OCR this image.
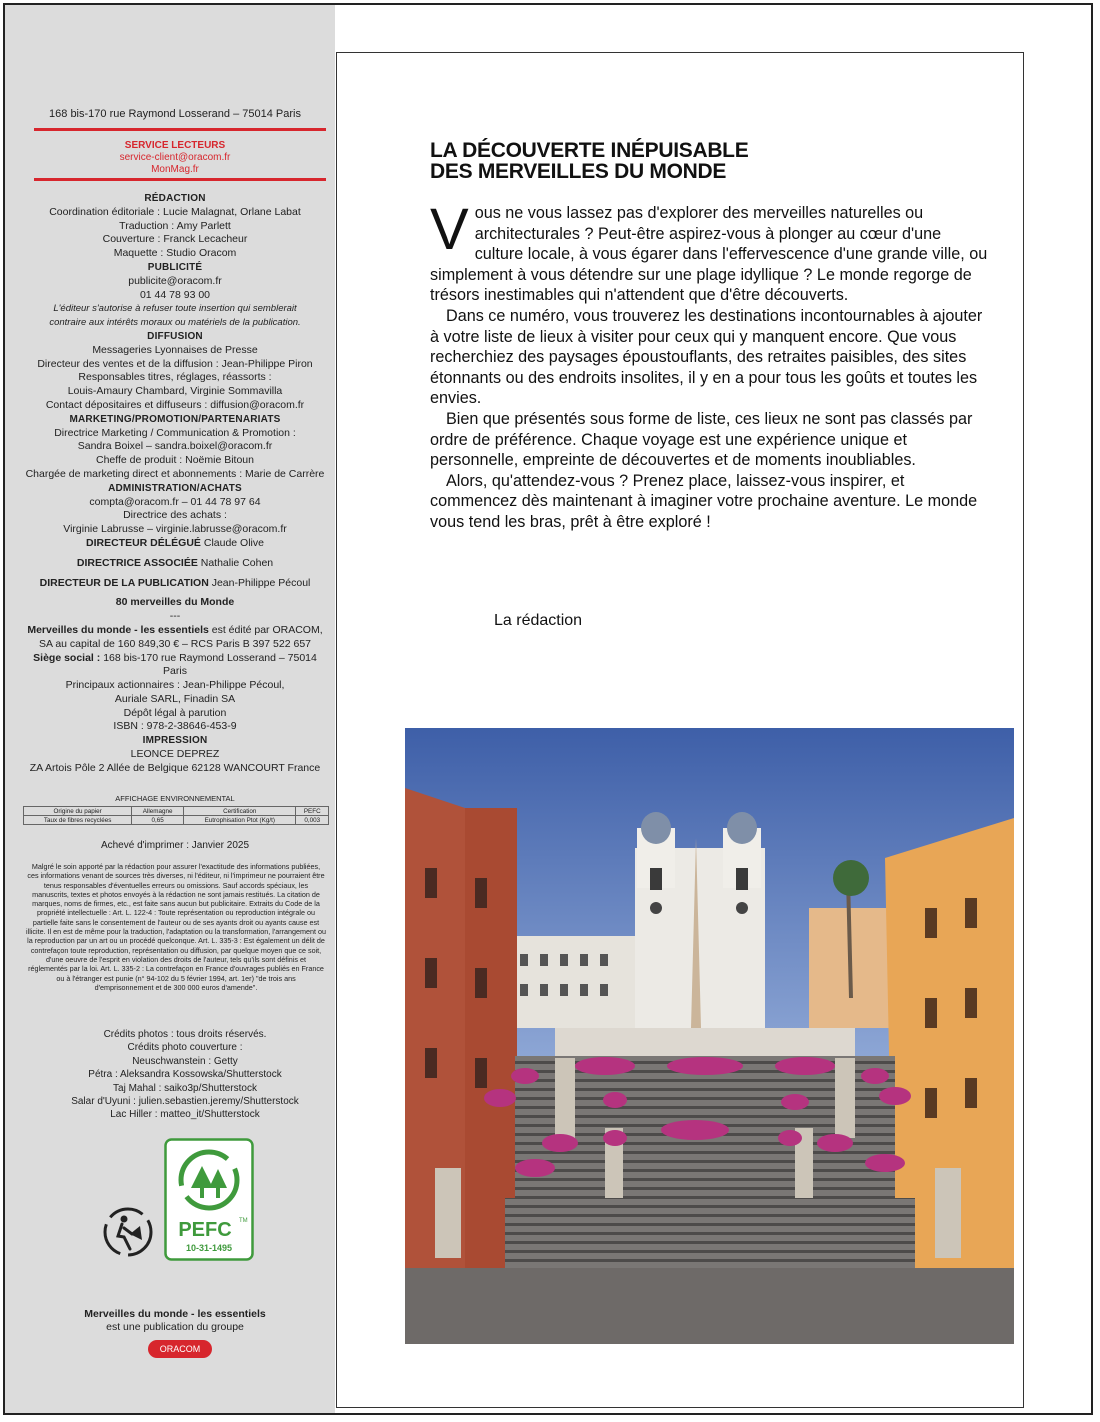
168 bis-170 rue Raymond Losserand – 75014 Paris
SERVICE LECTEURS
service-client@oracom.fr
MonMag.fr
RÉDACTION
Coordination éditoriale : Lucie Malagnat, Orlane Labat
Traduction : Amy Parlett
Couverture : Franck Lecacheur
Maquette : Studio Oracom
PUBLICITÉ
publicite@oracom.fr
01 44 78 93 00
L'éditeur s'autorise à refuser toute insertion qui semblerait
contraire aux intérêts moraux ou matériels de la publication.
DIFFUSION
Messageries Lyonnaises de Presse
Directeur des ventes et de la diffusion : Jean-Philippe Piron
Responsables titres, réglages, réassorts :
Louis-Amaury Chambard, Virginie Sommavilla
Contact dépositaires et diffuseurs : diffusion@oracom.fr
MARKETING/PROMOTION/PARTENARIATS
Directrice Marketing / Communication & Promotion :
Sandra Boixel – sandra.boixel@oracom.fr
Cheffe de produit : Noëmie Bitoun
Chargée de marketing direct et abonnements : Marie de Carrère
ADMINISTRATION/ACHATS
compta@oracom.fr – 01 44 78 97 64
Directrice des achats :
Virginie Labrusse – virginie.labrusse@oracom.fr
DIRECTEUR DÉLÉGUÉ Claude Olive
DIRECTRICE ASSOCIÉE Nathalie Cohen
DIRECTEUR DE LA PUBLICATION Jean-Philippe Pécoul
80 merveilles du Monde
---
Merveilles du monde - les essentiels est édité par ORACOM,
SA au capital de 160 849,30 € – RCS Paris B 397 522 657
Siège social : 168 bis-170 rue Raymond Losserand – 75014 Paris
Principaux actionnaires : Jean-Philippe Pécoul,
Auriale SARL, Finadin SA
Dépôt légal à parution
ISBN : 978-2-38646-453-9
IMPRESSION
LEONCE DEPREZ
ZA Artois Pôle 2 Allée de Belgique 62128 WANCOURT France
AFFICHAGE ENVIRONNEMENTAL
Origine du papier	Allemagne	Certification	PEFC
Taux de fibres recyclées	0,65	Eutrophisation Ptot (Kg/t)	0,003
Achevé d'imprimer : Janvier 2025
Malgré le soin apporté par la rédaction pour assurer l'exactitude des informations publiées, ces informations venant de sources très diverses, ni l'éditeur, ni l'imprimeur ne pourraient être tenus responsables d'éventuelles erreurs ou omissions. Sauf accords spéciaux, les manuscrits, textes et photos envoyés à la rédaction ne sont jamais restitués. La citation de marques, noms de firmes, etc., est faite sans aucun but publicitaire. Extraits du Code de la propriété intellectuelle : Art. L. 122-4 : Toute représentation ou reproduction intégrale ou partielle faite sans le consentement de l'auteur ou de ses ayants droit ou ayants cause est illicite. Il en est de même pour la traduction, l'adaptation ou la transformation, l'arrangement ou la reproduction par un art ou un procédé quelconque. Art. L. 335-3 : Est également un délit de contrefaçon toute reproduction, représentation ou diffusion, par quelque moyen que ce soit, d'une oeuvre de l'esprit en violation des droits de l'auteur, tels qu'ils sont définis et réglementés par la loi. Art. L. 335-2 : La contrefaçon en France d'ouvrages publiés en France ou à l'étranger est punie (n° 94-102 du 5 février 1994, art. 1er) "de trois ans d'emprisonnement et de 300 000 euros d'amende".
Crédits photos : tous droits réservés.
Crédits photo couverture :
Neuschwanstein : Getty
Pétra : Aleksandra Kossowska/Shutterstock
Taj Mahal : saiko3p/Shutterstock
Salar d'Uyuni : julien.sebastien.jeremy/Shutterstock
Lac Hiller : matteo_it/Shutterstock
PEFC TM
10-31-1495
Merveilles du monde - les essentiels
est une publication du groupe
ORACOM
LA DÉCOUVERTE INÉPUISABLE
DES MERVEILLES DU MONDE

Vous ne vous lassez pas d'explorer des merveilles naturelles ou architecturales ? Peut-être aspirez-vous à plonger au cœur d'une culture locale, à vous égarer dans l'effervescence d'une grande ville, ou simplement à vous détendre sur une plage idyllique ? Le monde regorge de trésors inestimables qui n'attendent que d'être découverts.

Dans ce numéro, vous trouverez les destinations incontournables à ajouter à votre liste de lieux à visiter pour ceux qui y manquent encore. Que vous recherchiez des paysages époustouflants, des retraites paisibles, des sites étonnants ou des endroits insolites, il y en a pour tous les goûts et toutes les envies.

Bien que présentés sous forme de liste, ces lieux ne sont pas classés par ordre de préférence. Chaque voyage est une expérience unique et personnelle, empreinte de découvertes et de moments inoubliables.

Alors, qu'attendez-vous ? Prenez place, laissez-vous inspirer, et commencez dès maintenant à imaginer votre prochaine aventure. Le monde vous tend les bras, prêt à être exploré !

La rédaction
